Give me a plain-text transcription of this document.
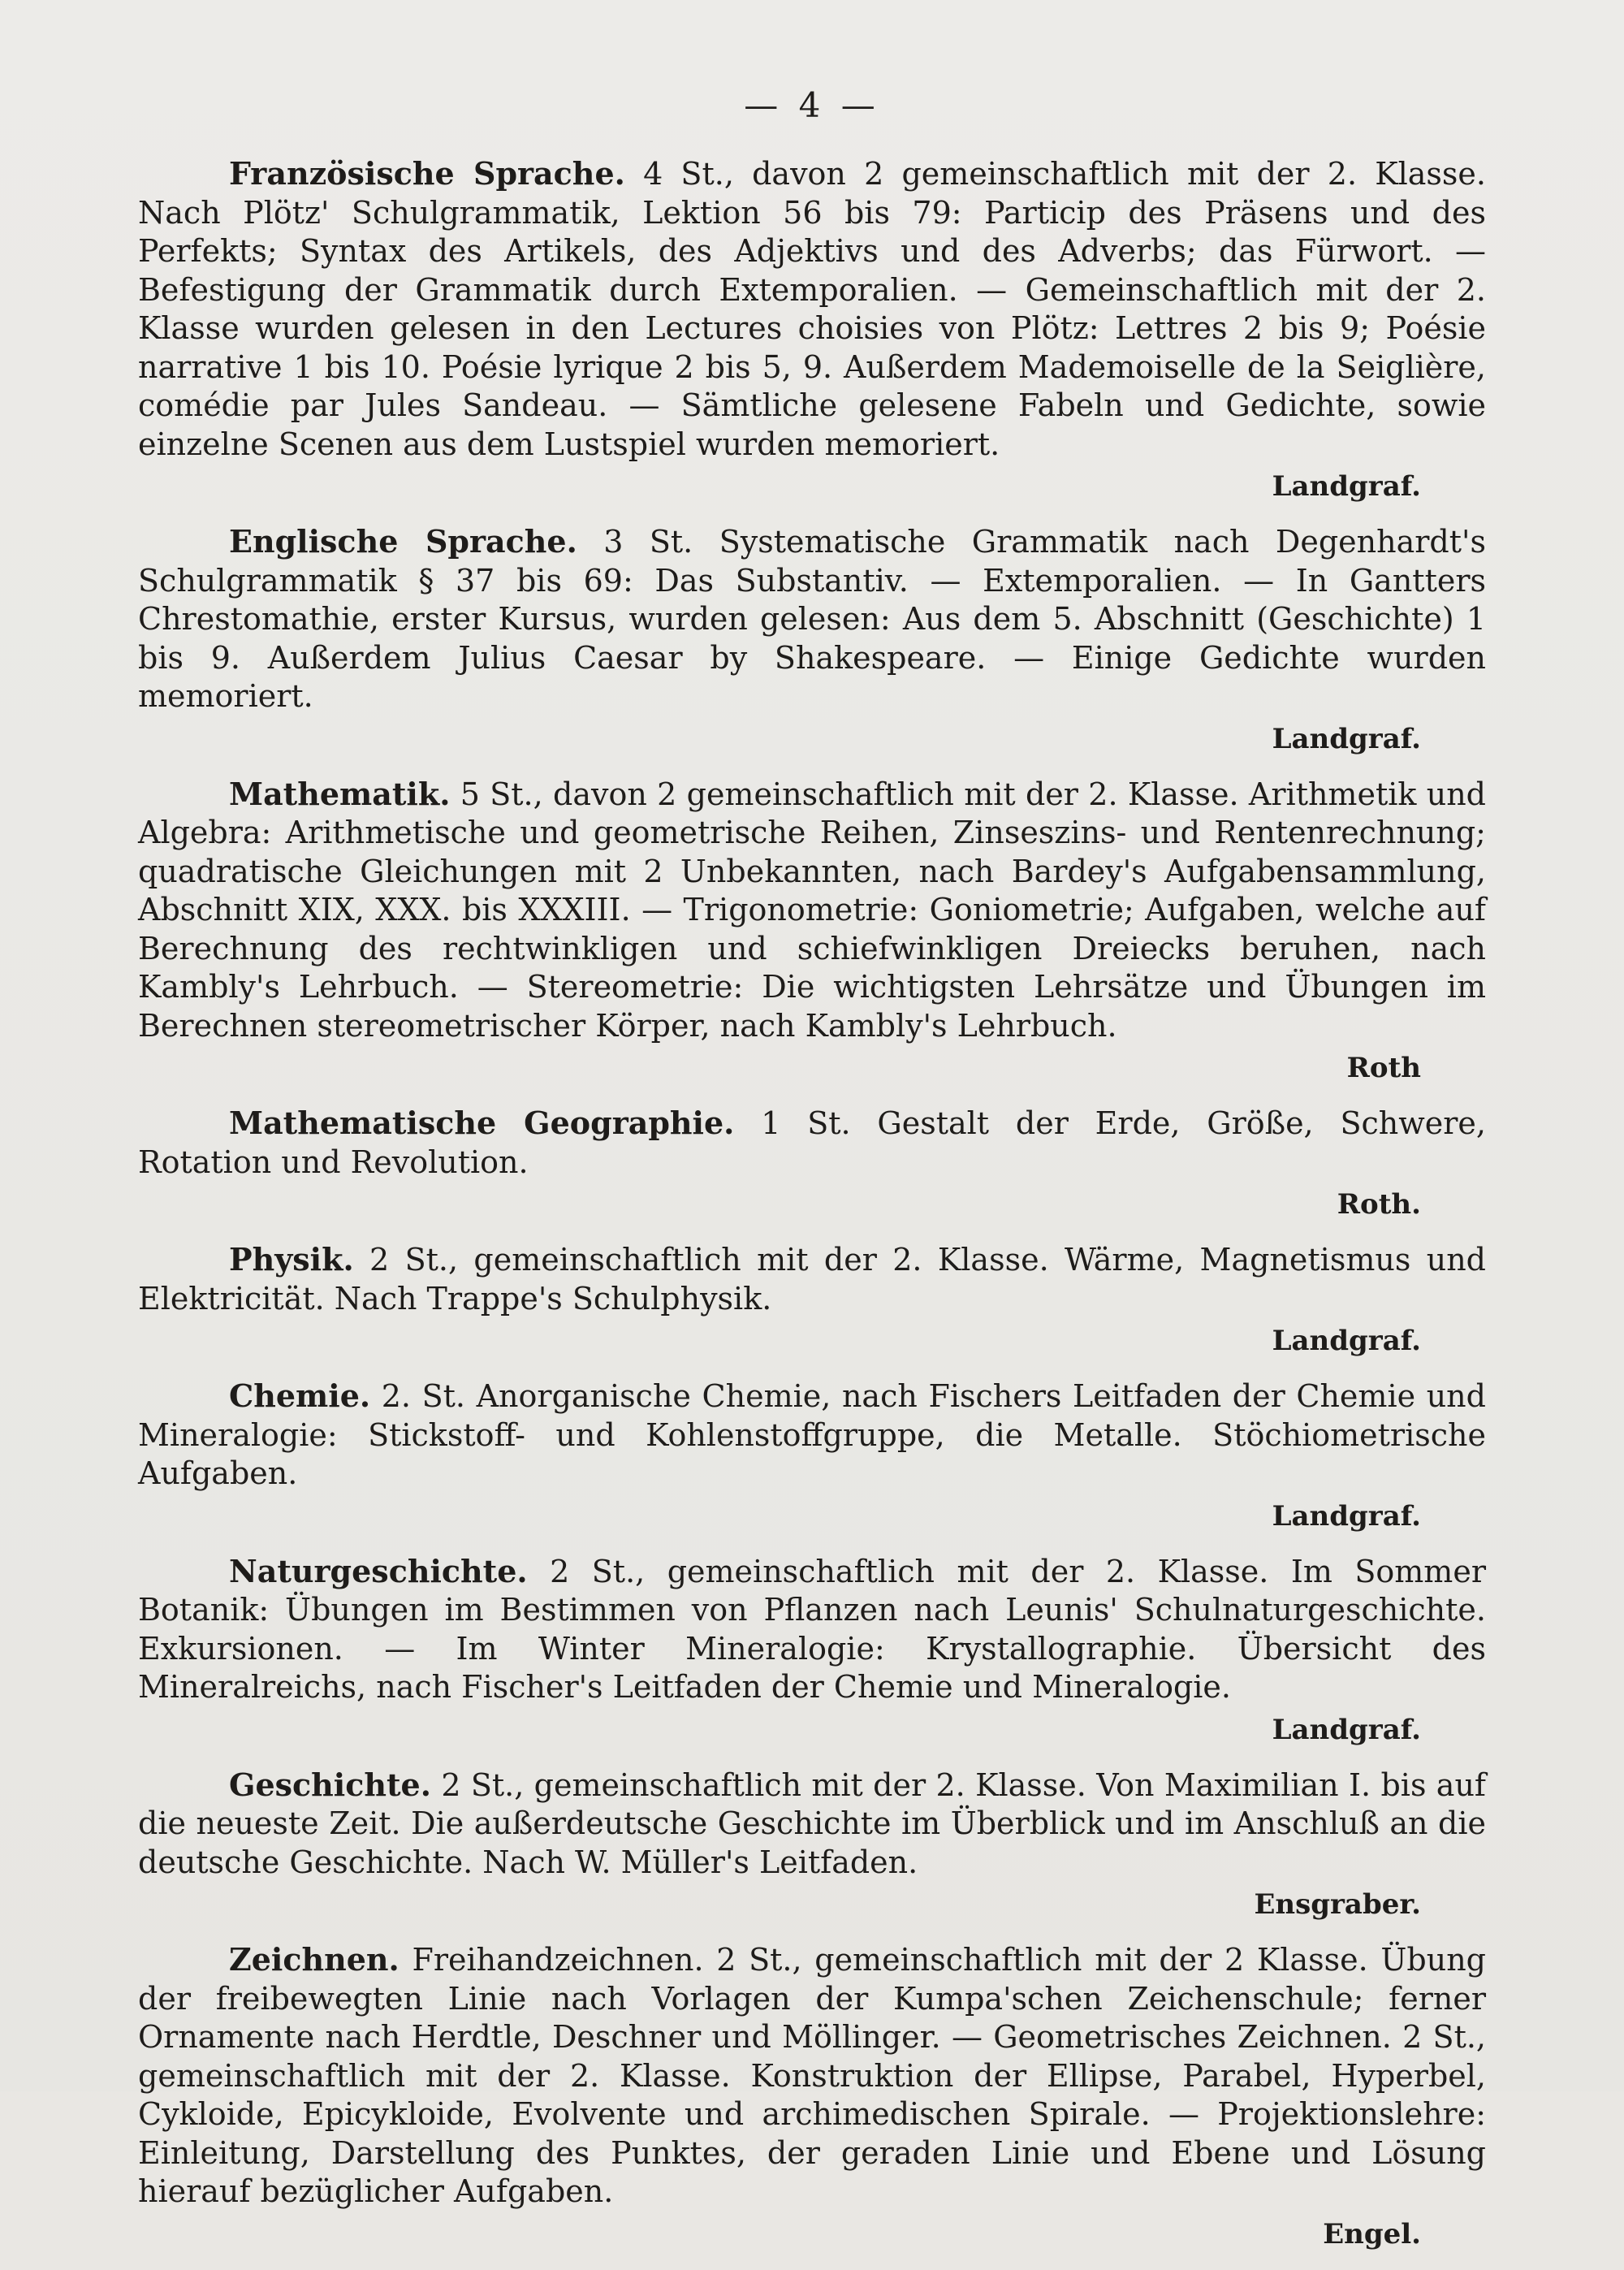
— 4 —

Französische Sprache. 4 St., davon 2 gemeinschaftlich mit der 2. Klasse. Nach Plötz' Schulgrammatik, Lektion 56 bis 79: Particip des Präsens und des Perfekts; Syntax des Artikels, des Adjektivs und des Adverbs; das Fürwort. — Befestigung der Grammatik durch Extemporalien. — Gemeinschaftlich mit der 2. Klasse wurden gelesen in den Lectures choisies von Plötz: Lettres 2 bis 9; Poésie narrative 1 bis 10. Poésie lyrique 2 bis 5, 9. Außerdem Mademoiselle de la Seiglière, comédie par Jules Sandeau. — Sämtliche gelesene Fabeln und Gedichte, sowie einzelne Scenen aus dem Lustspiel wurden memoriert.

Landgraf.

Englische Sprache. 3 St. Systematische Grammatik nach Degenhardt's Schulgrammatik § 37 bis 69: Das Substantiv. — Extemporalien. — In Gantters Chrestomathie, erster Kursus, wurden gelesen: Aus dem 5. Abschnitt (Geschichte) 1 bis 9. Außerdem Julius Caesar by Shakespeare. — Einige Gedichte wurden memoriert.

Landgraf.

Mathematik. 5 St., davon 2 gemeinschaftlich mit der 2. Klasse. Arithmetik und Algebra: Arithmetische und geometrische Reihen, Zinseszins- und Rentenrechnung; quadratische Gleichungen mit 2 Unbekannten, nach Bardey's Aufgabensammlung, Abschnitt XIX, XXX. bis XXXIII. — Trigonometrie: Goniometrie; Aufgaben, welche auf Berechnung des rechtwinkligen und schiefwinkligen Dreiecks beruhen, nach Kambly's Lehrbuch. — Stereometrie: Die wichtigsten Lehrsätze und Übungen im Berechnen stereometrischer Körper, nach Kambly's Lehrbuch.

Roth

Mathematische Geographie. 1 St. Gestalt der Erde, Größe, Schwere, Rotation und Revolution.

Roth.

Physik. 2 St., gemeinschaftlich mit der 2. Klasse. Wärme, Magnetismus und Elektricität. Nach Trappe's Schulphysik.

Landgraf.

Chemie. 2. St. Anorganische Chemie, nach Fischers Leitfaden der Chemie und Mineralogie: Stickstoff- und Kohlenstoffgruppe, die Metalle. Stöchiometrische Aufgaben.

Landgraf.

Naturgeschichte. 2 St., gemeinschaftlich mit der 2. Klasse. Im Sommer Botanik: Übungen im Bestimmen von Pflanzen nach Leunis' Schulnaturgeschichte. Exkursionen. — Im Winter Mineralogie: Krystallographie. Übersicht des Mineralreichs, nach Fischer's Leitfaden der Chemie und Mineralogie.

Landgraf.

Geschichte. 2 St., gemeinschaftlich mit der 2. Klasse. Von Maximilian I. bis auf die neueste Zeit. Die außerdeutsche Geschichte im Überblick und im Anschluß an die deutsche Geschichte. Nach W. Müller's Leitfaden.

Ensgraber.

Zeichnen. Freihandzeichnen. 2 St., gemeinschaftlich mit der 2 Klasse. Übung der freibewegten Linie nach Vorlagen der Kumpa'schen Zeichenschule; ferner Ornamente nach Herdtle, Deschner und Möllinger. — Geometrisches Zeichnen. 2 St., gemeinschaftlich mit der 2. Klasse. Konstruktion der Ellipse, Parabel, Hyperbel, Cykloide, Epicykloide, Evolvente und archimedischen Spirale. — Projektionslehre: Einleitung, Darstellung des Punktes, der geraden Linie und Ebene und Lösung hierauf bezüglicher Aufgaben.

Engel.
